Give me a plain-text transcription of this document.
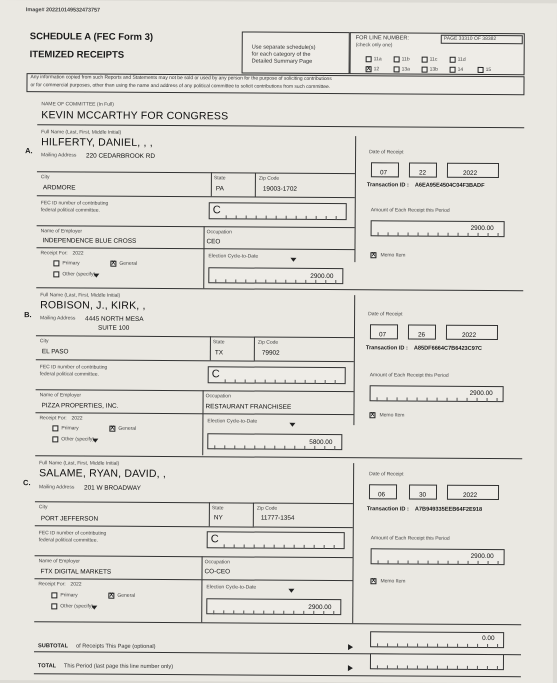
Image# 202210149532473757
SCHEDULE A (FEC Form 3)
ITEMIZED RECEIPTS
Use separate schedule(s)
for each category of the
Detailed Summary Page
FOR LINE NUMBER:
(check only one)
PAGE 33310 OF 38382
11a	11b	11c	11d
X 12	13a	13b	14	15
Any information copied from such Reports and Statements may not be sold or used by any person for the purpose of soliciting contributions
or for commercial purposes, other than using the name and address of any political committee to solicit contributions from such committee.
NAME OF COMMITTEE (In Full)
KEVIN MCCARTHY FOR CONGRESS
A.
Full Name (Last, First, Middle Initial)
HILFERTY, DANIEL, , ,
Mailing Address 220 CEDARBROOK RD
City	State	Zip Code
ARDMORE	PA	19003-1702
FEC ID number of contributing
federal political committee.	C
Name of Employer	Occupation
INDEPENDENCE BLUE CROSS	CEO
Receipt For: 2022
Primary	X General
Other (specify)
Election Cycle-to-Date
2900.00
Date of Receipt
07	22	2022
Transaction ID : A6EA95E4504C04F3BADF
Amount of Each Receipt this Period
2900.00
X Memo Item
B.
Full Name (Last, First, Middle Initial)
ROBISON, J., KIRK, ,
Mailing Address 4445 NORTH MESA
SUITE 100
City	State	Zip Code
EL PASO	TX	79902
FEC ID number of contributing
federal political committee.	C
Name of Employer	Occupation
PIZZA PROPERTIES, INC.	RESTAURANT FRANCHISEE
Receipt For: 2022
Primary	X General
Other (specify)
Election Cycle-to-Date
5800.00
Date of Receipt
07	26	2022
Transaction ID : A85DF6664C7B6423C97C
Amount of Each Receipt this Period
2900.00
X Memo Item
C.
Full Name (Last, First, Middle Initial)
SALAME, RYAN, DAVID, ,
Mailing Address 201 W BROADWAY
City	State	Zip Code
PORT JEFFERSON	NY	11777-1354
FEC ID number of contributing
federal political committee.	C
Name of Employer	Occupation
FTX DIGITAL MARKETS	CO-CEO
Receipt For: 2022
Primary	X General
Other (specify)
Election Cycle-to-Date
2900.00
Date of Receipt
06	30	2022
Transaction ID : A7B949335EEB64F2E918
Amount of Each Receipt this Period
2900.00
X Memo Item
SUBTOTAL of Receipts This Page (optional)
0.00
TOTAL This Period (last page this line number only)
